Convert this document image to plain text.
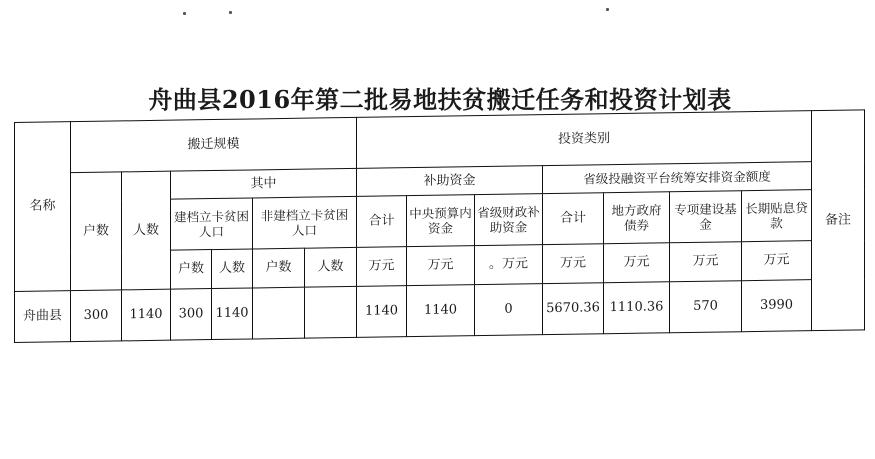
舟曲县2016年第二批易地扶贫搬迁任务和投资计划表
名称	搬迁规模						投资类别							备注
	户数	人数	其中				补助资金			省级投融资平台统筹安排资金额度				
			建档立卡贫困人口		非建档立卡贫困人口		合计	中央预算内资金	省级财政补助资金	合计	地方政府债券	专项建设基金	长期贴息贷款	
			户数	人数	户数	人数	万元	万元	。万元	万元	万元	万元	万元	
舟曲县	300	1140	300	1140			1140	1140	0	5670.36	1110.36	570	3990	
